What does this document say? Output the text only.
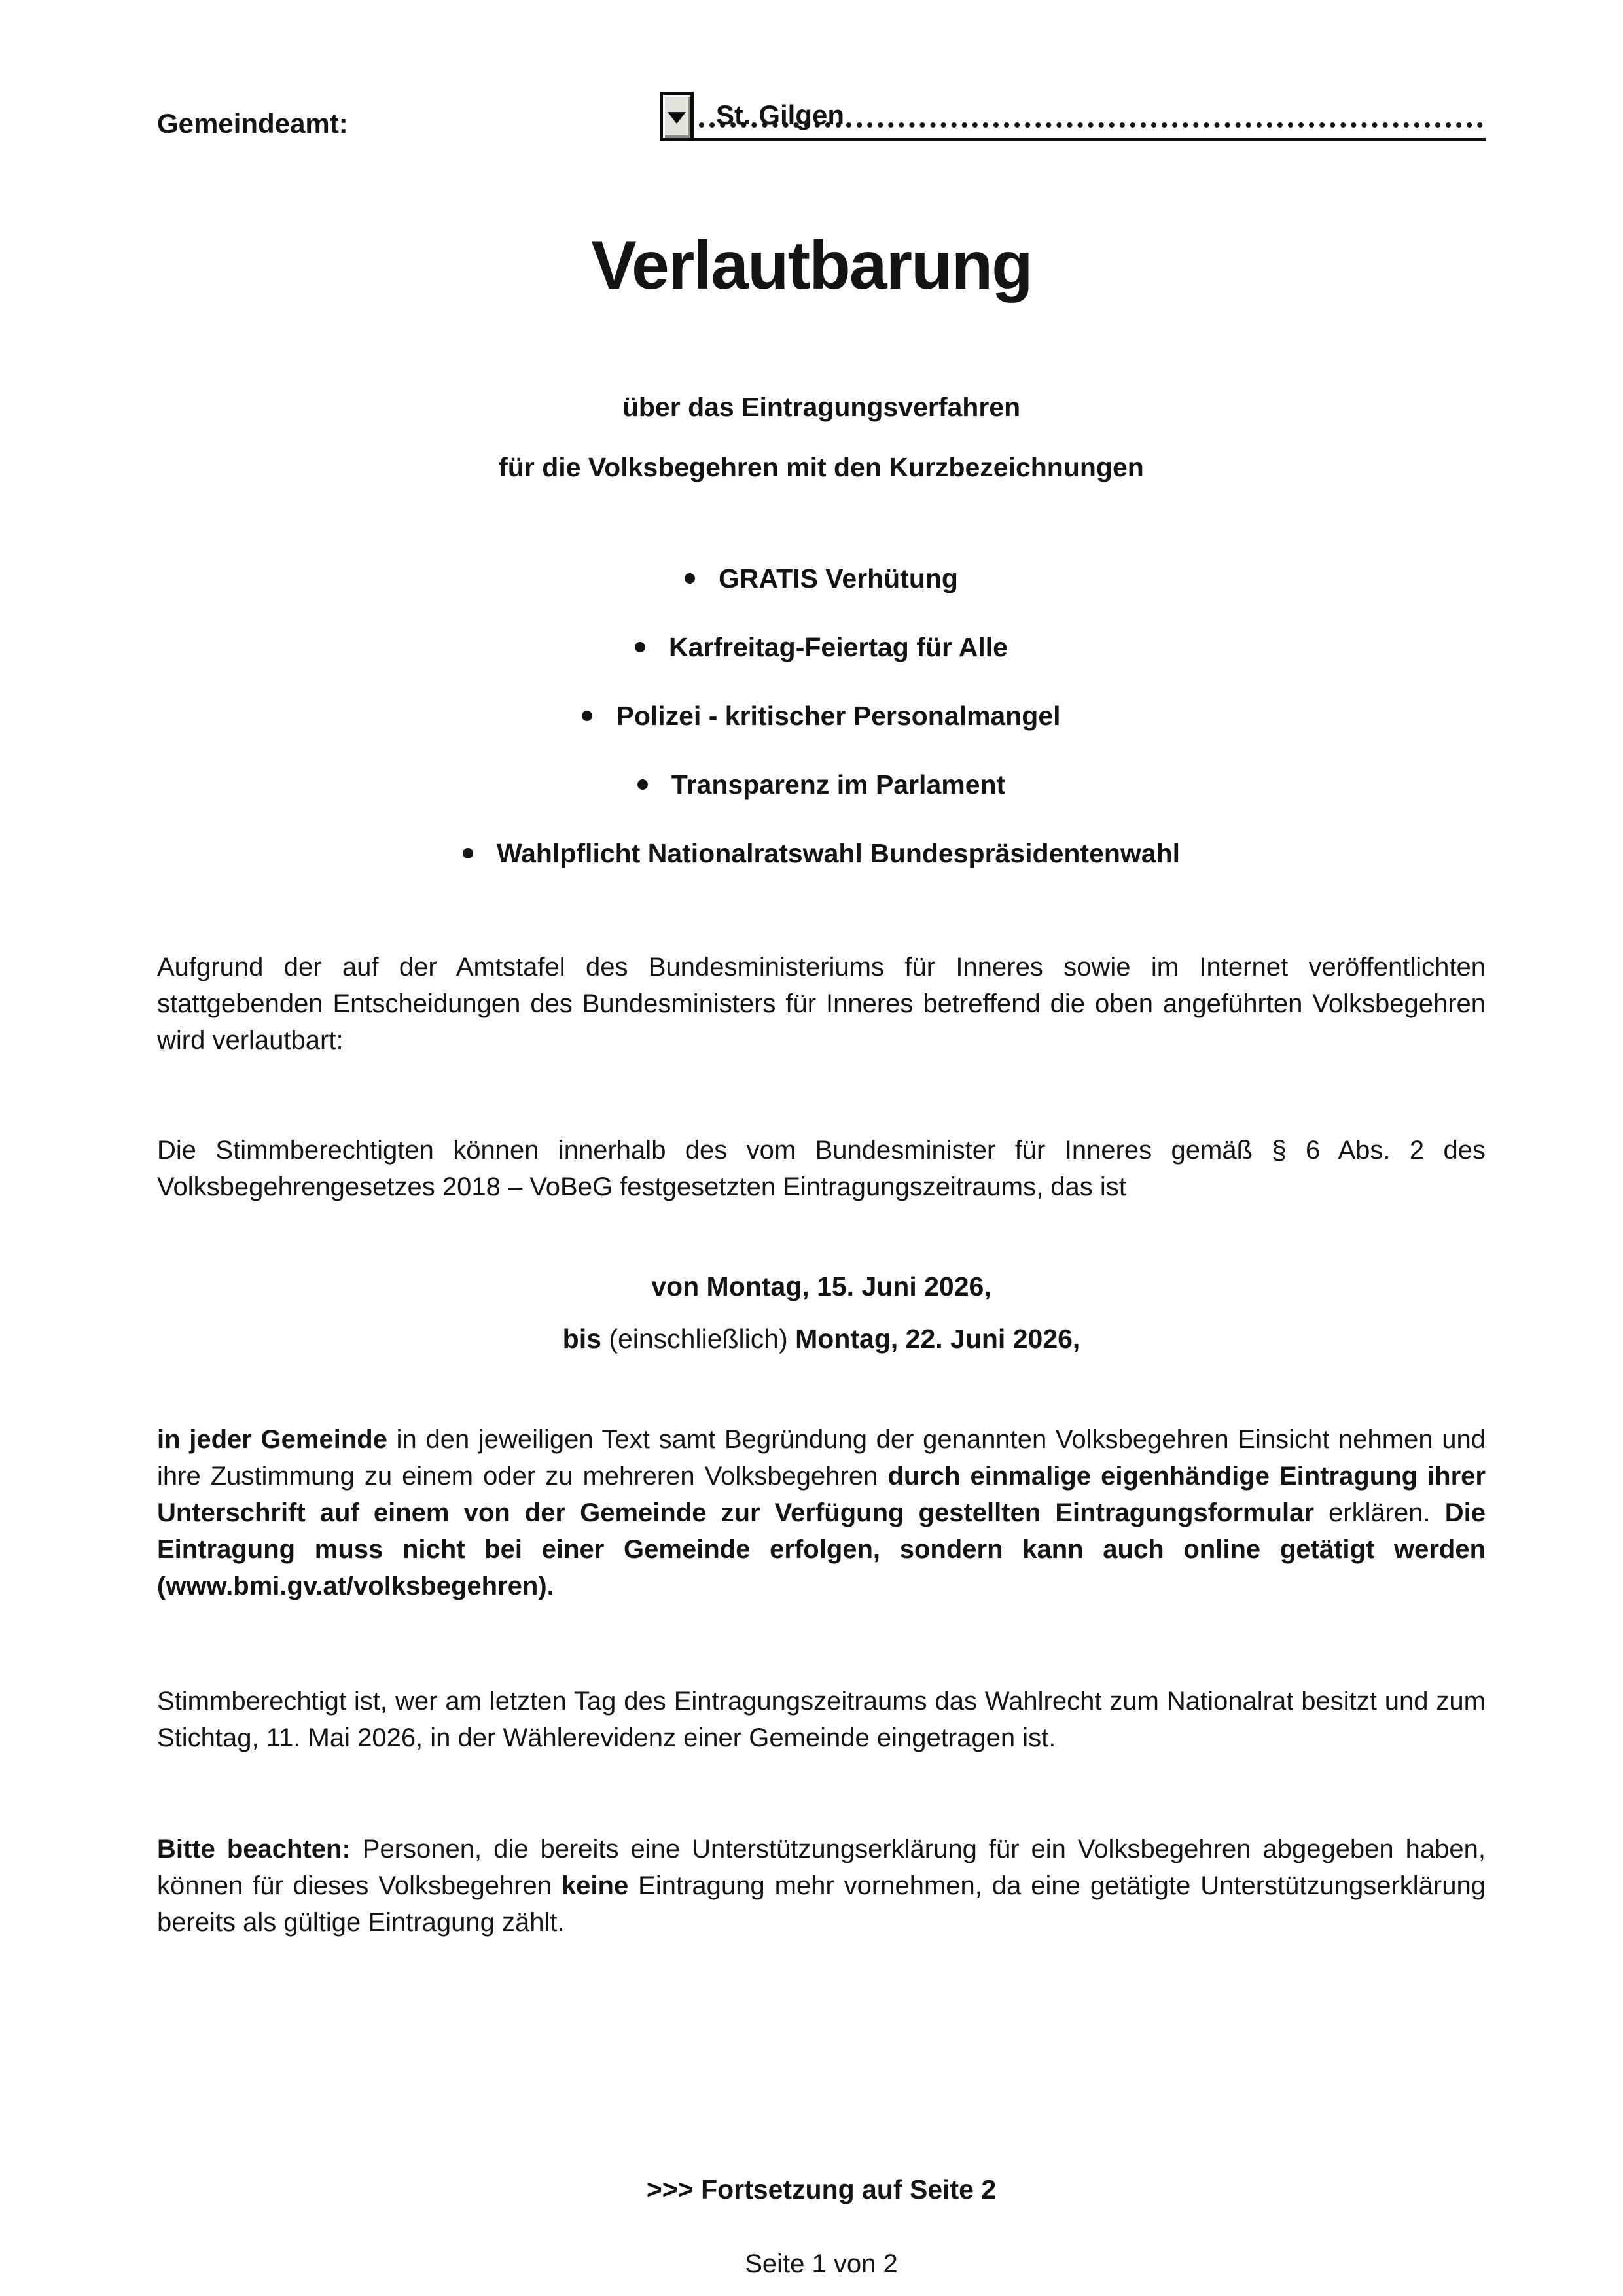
Gemeindeamt:	St. Gilgen
Verlautbarung
über das Eintragungsverfahren
für die Volksbegehren mit den Kurzbezeichnungen
GRATIS Verhütung
Karfreitag-Feiertag für Alle
Polizei - kritischer Personalmangel
Transparenz im Parlament
Wahlpflicht Nationalratswahl Bundespräsidentenwahl

Aufgrund der auf der Amtstafel des Bundesministeriums für Inneres sowie im Internet veröffentlichten stattgebenden Entscheidungen des Bundesministers für Inneres betreffend die oben angeführten Volksbegehren wird verlautbart:

Die Stimmberechtigten können innerhalb des vom Bundesminister für Inneres gemäß § 6 Abs. 2 des Volksbegehrengesetzes 2018 – VoBeG festgesetzten Eintragungszeitraums, das ist

von Montag, 15. Juni 2026,
bis (einschließlich) Montag, 22. Juni 2026,

in jeder Gemeinde in den jeweiligen Text samt Begründung der genannten Volksbegehren Einsicht nehmen und ihre Zustimmung zu einem oder zu mehreren Volksbegehren durch einmalige eigenhändige Eintragung ihrer Unterschrift auf einem von der Gemeinde zur Verfügung gestellten Eintragungsformular erklären. Die Eintragung muss nicht bei einer Gemeinde erfolgen, sondern kann auch online getätigt werden (www.bmi.gv.at/volksbegehren).

Stimmberechtigt ist, wer am letzten Tag des Eintragungszeitraums das Wahlrecht zum Nationalrat besitzt und zum Stichtag, 11. Mai 2026, in der Wählerevidenz einer Gemeinde eingetragen ist.

Bitte beachten: Personen, die bereits eine Unterstützungserklärung für ein Volksbegehren abgegeben haben, können für dieses Volksbegehren keine Eintragung mehr vornehmen, da eine getätigte Unterstützungserklärung bereits als gültige Eintragung zählt.

>>> Fortsetzung auf Seite 2
Seite 1 von 2
